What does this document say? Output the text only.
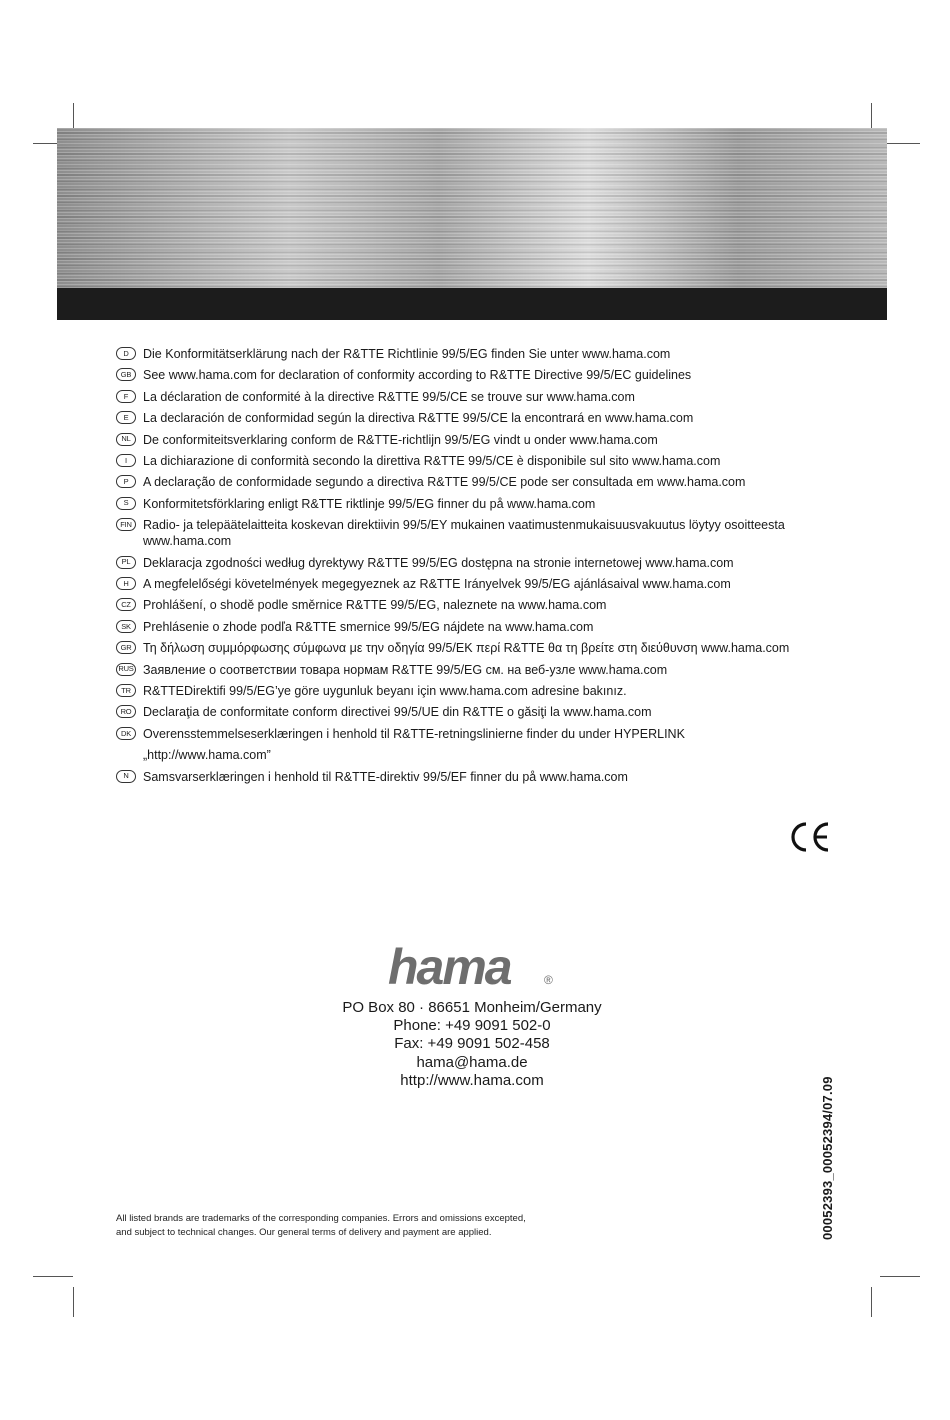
D	Die Konformitätserklärung nach der R&TTE Richtlinie 99/5/EG finden Sie unter www.hama.com
GB See www.hama.com for declaration of conformity according to R&TTE Directive 99/5/EC guidelines
F	La déclaration de conformité à la directive R&TTE 99/5/CE se trouve sur www.hama.com
E	La declaración de conformidad según la directiva R&TTE 99/5/CE la encontrará en www.hama.com
NL De conformiteitsverklaring conform de R&TTE-richtlijn 99/5/EG vindt u onder www.hama.com
I	La dichiarazione di conformità secondo la direttiva R&TTE 99/5/CE è disponibile sul sito www.hama.com
P	A declaração de conformidade segundo a directiva R&TTE 99/5/CE pode ser consultada em www.hama.com
S	Konformitetsförklaring enligt R&TTE riktlinje 99/5/EG finner du på www.hama.com
FIN Radio- ja telepäätelaitteita koskevan direktiivin 99/5/EY mukainen vaatimustenmukaisuusvakuutus löytyy osoitteesta www.hama.com
PL	Deklaracja zgodności według dyrektywy R&TTE 99/5/EG dostępna na stronie internetowej www.hama.com
H	A megfelelőségi követelmények megegyeznek az R&TTE Irányelvek 99/5/EG ajánlásaival www.hama.com
CZ Prohlášení, o shodě podle směrnice R&TTE 99/5/EG, naleznete na www.hama.com
SK Prehlásenie o zhode podľa R&TTE smernice 99/5/EG nájdete na www.hama.com
GR Τη δήλωση συμμόρφωσης σύμφωνα με την οδηγία 99/5/ΕΚ περί R&TTE θα τη βρείτε στη διεύθυνση www.hama.com
RUS Заявление о соответствии товара нормам R&TTE 99/5/EG см. на веб-узле www.hama.com
TR R&TTEDirektifi 99/5/EG’ye göre uygunluk beyanı için www.hama.com adresine bakınız.
RO Declaraţia de conformitate conform directivei 99/5/UE din R&TTE o găsiţi la www.hama.com
DK Overensstemmelseserklæringen i henhold til R&TTE-retningslinierne finder du under HYPERLINK
„http://www.hama.com”
N	Samsvarserklæringen i henhold til R&TTE-direktiv 99/5/EF finner du på www.hama.com
hama	®
PO Box 80 · 86651 Monheim/Germany
Phone: +49 9091 502-0
Fax: +49 9091 502-458
hama@hama.de
http://www.hama.com	00052393_00052394/07.09
All listed brands are trademarks of the corresponding companies. Errors and omissions excepted,
and subject to technical changes. Our general terms of delivery and payment are applied.
